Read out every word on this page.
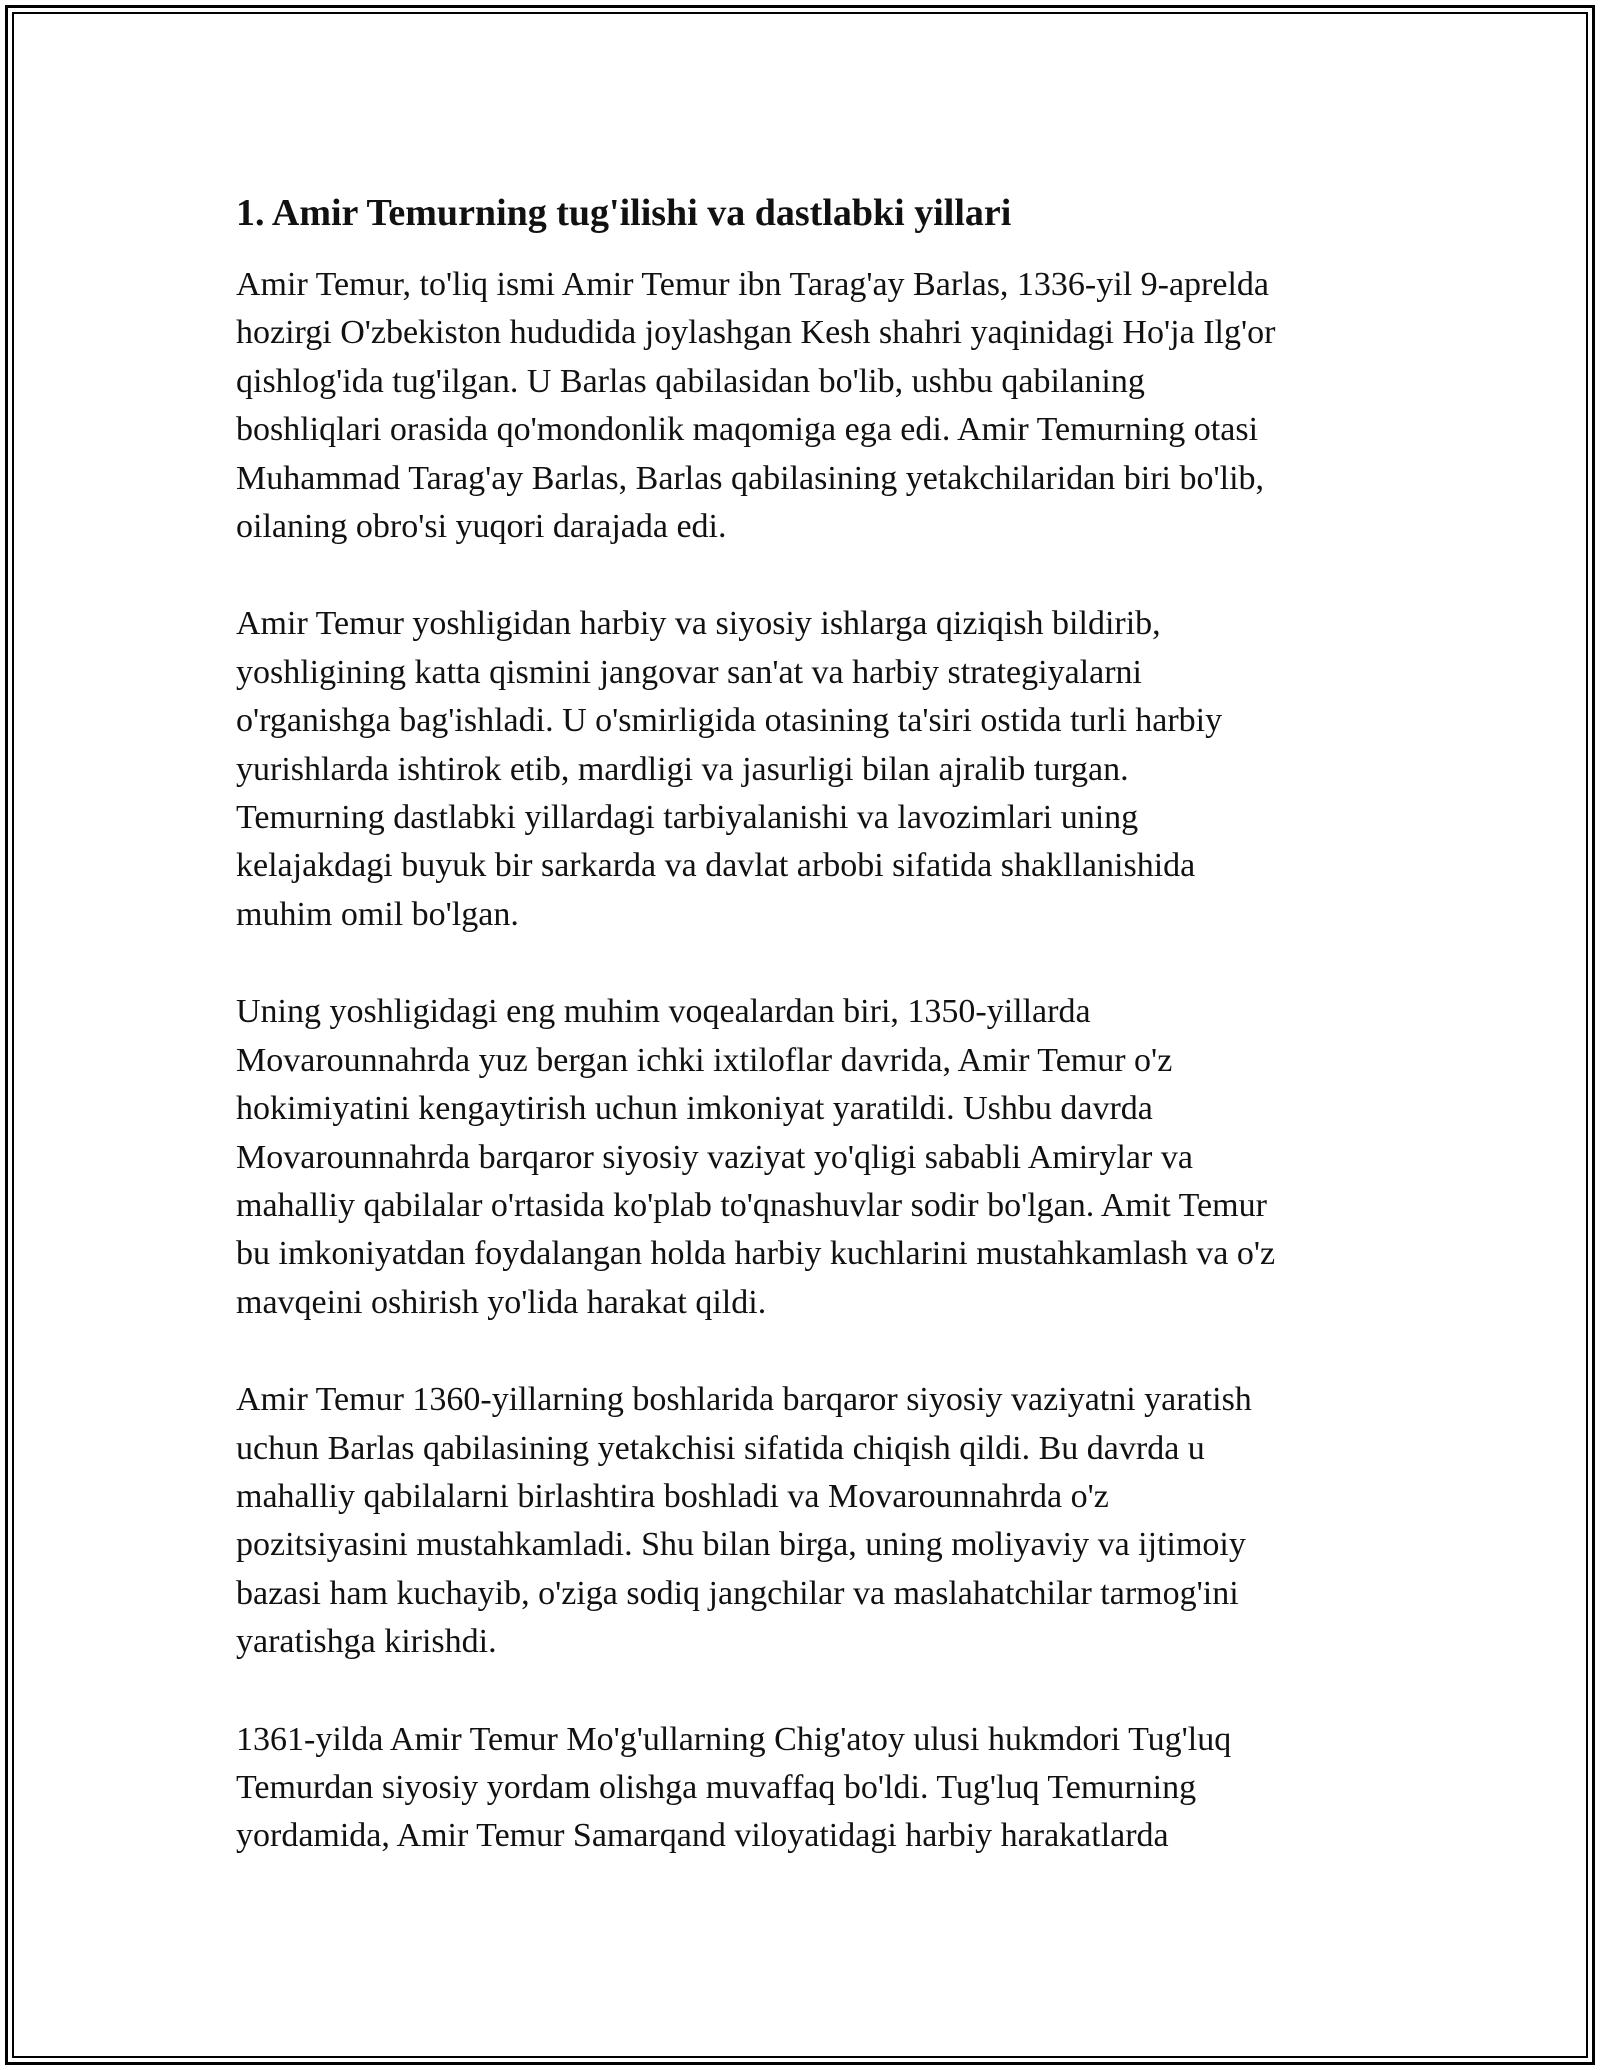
1. Amir Temurning tug'ilishi va dastlabki yillari

Amir Temur, to'liq ismi Amir Temur ibn Tarag'ay Barlas, 1336-yil 9-aprelda
hozirgi O'zbekiston hududida joylashgan Kesh shahri yaqinidagi Ho'ja Ilg'or
qishlog'ida tug'ilgan. U Barlas qabilasidan bo'lib, ushbu qabilaning
boshliqlari orasida qo'mondonlik maqomiga ega edi. Amir Temurning otasi
Muhammad Tarag'ay Barlas, Barlas qabilasining yetakchilaridan biri bo'lib,
oilaning obro'si yuqori darajada edi.

Amir Temur yoshligidan harbiy va siyosiy ishlarga qiziqish bildirib,
yoshligining katta qismini jangovar san'at va harbiy strategiyalarni
o'rganishga bag'ishladi. U o'smirligida otasining ta'siri ostida turli harbiy
yurishlarda ishtirok etib, mardligi va jasurligi bilan ajralib turgan.
Temurning dastlabki yillardagi tarbiyalanishi va lavozimlari uning
kelajakdagi buyuk bir sarkarda va davlat arbobi sifatida shakllanishida
muhim omil bo'lgan.

Uning yoshligidagi eng muhim voqealardan biri, 1350-yillarda
Movarounnahrda yuz bergan ichki ixtiloflar davrida, Amir Temur o'z
hokimiyatini kengaytirish uchun imkoniyat yaratildi. Ushbu davrda
Movarounnahrda barqaror siyosiy vaziyat yo'qligi sababli Amirylar va
mahalliy qabilalar o'rtasida ko'plab to'qnashuvlar sodir bo'lgan. Amit Temur
bu imkoniyatdan foydalangan holda harbiy kuchlarini mustahkamlash va o'z
mavqeini oshirish yo'lida harakat qildi.

Amir Temur 1360-yillarning boshlarida barqaror siyosiy vaziyatni yaratish
uchun Barlas qabilasining yetakchisi sifatida chiqish qildi. Bu davrda u
mahalliy qabilalarni birlashtira boshladi va Movarounnahrda o'z
pozitsiyasini mustahkamladi. Shu bilan birga, uning moliyaviy va ijtimoiy
bazasi ham kuchayib, o'ziga sodiq jangchilar va maslahatchilar tarmog'ini
yaratishga kirishdi.

1361-yilda Amir Temur Mo'g'ullarning Chig'atoy ulusi hukmdori Tug'luq
Temurdan siyosiy yordam olishga muvaffaq bo'ldi. Tug'luq Temurning
yordamida, Amir Temur Samarqand viloyatidagi harbiy harakatlarda
